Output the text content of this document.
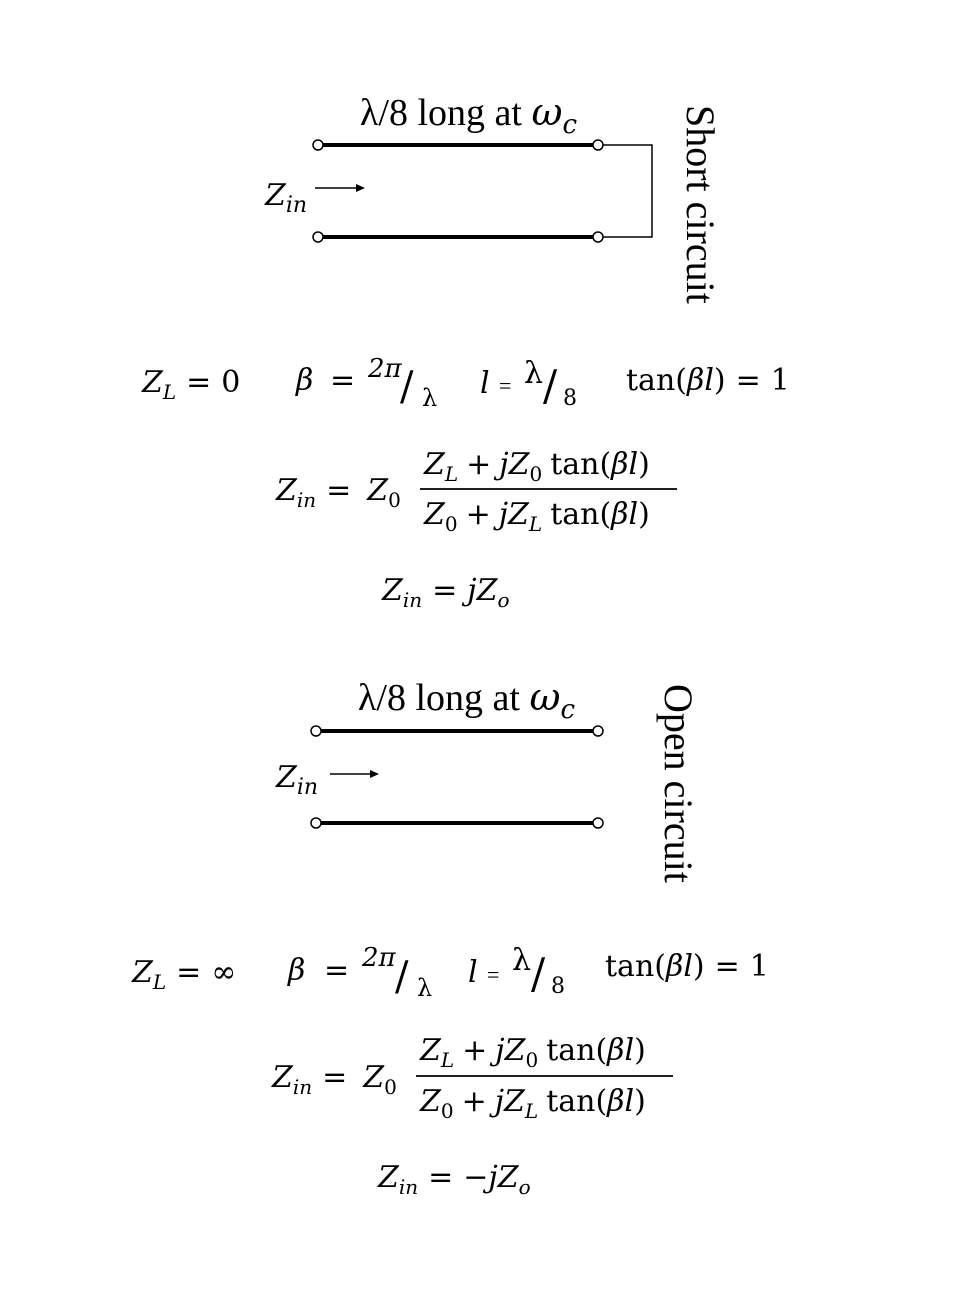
λ/8 long at $\omega_c$
$Z_{in}$	Short circuit
$Z_L = 0$ β = 2π
/ λ l = λ / 8
tan(βl) = 1
$Z_{in} = Z_0$
$Z_L + jZ_0$ tan(βl)
$Z_0 + jZ_L$ tan(βl)
$Z_{in} = jZ_o$
λ/8 long at $\omega_c$
$Z_{in}$	Open circuit
$Z_L$ = ∞ β = 2π / λ l = λ / 8
tan(βl) = 1
$Z_{in} = Z_0$
$Z_L + jZ_0$ tan(βl)
$Z_0 + jZ_L$ tan(βl)
$Z_{in} = -jZ_o$
